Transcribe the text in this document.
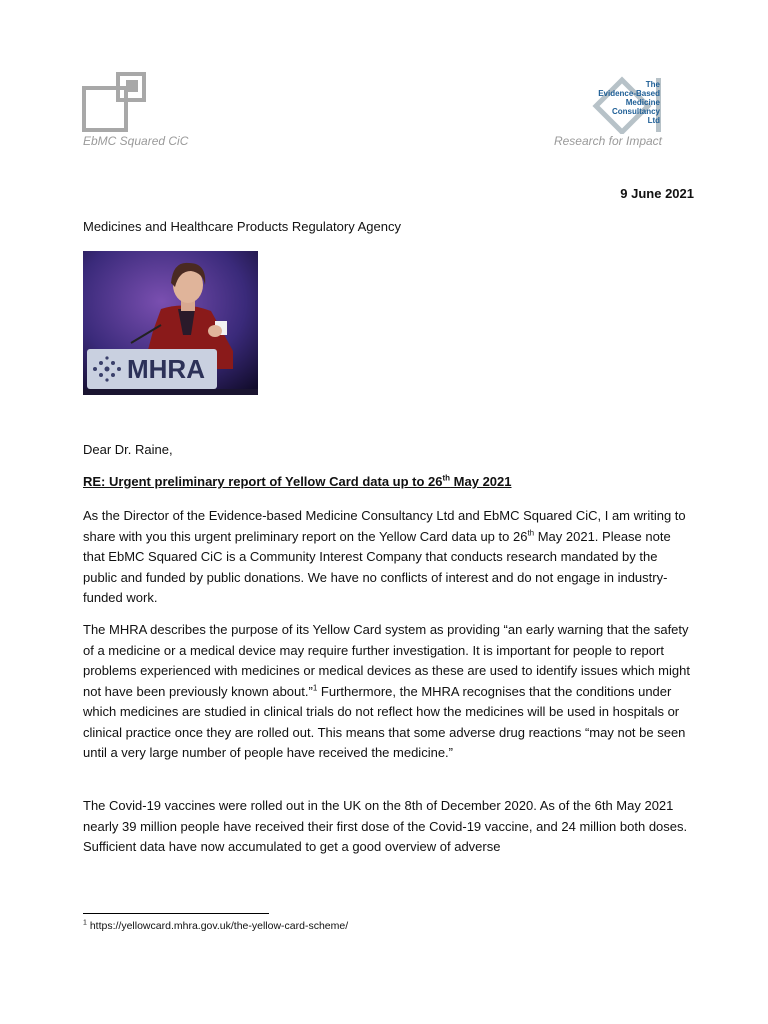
EbMC Squared CiC
The
Evidence-Based
Medicine
Consultancy
Ltd
Research for Impact
9 June 2021
Medicines and Healthcare Products Regulatory Agency
MHRA
Dear Dr. Raine,
RE: Urgent preliminary report of Yellow Card data up to 26th May 2021

As the Director of the Evidence-based Medicine Consultancy Ltd and EbMC Squared CiC, I am writing to share with you this urgent preliminary report on the Yellow Card data up to 26th May 2021. Please note that EbMC Squared CiC is a Community Interest Company that conducts research mandated by the public and funded by public donations. We have no conflicts of interest and do not engage in industry-funded work.

The MHRA describes the purpose of its Yellow Card system as providing “an early warning that the safety of a medicine or a medical device may require further investigation. It is important for people to report problems experienced with medicines or medical devices as these are used to identify issues which might not have been previously known about.”$^1$ Furthermore, the MHRA recognises that the conditions under which medicines are studied in clinical trials do not reflect how the medicines will be used in hospitals or clinical practice once they are rolled out. This means that some adverse drug reactions “may not be seen until a very large number of people have received the medicine.”

The Covid-19 vaccines were rolled out in the UK on the 8th of December 2020. As of the 6th May 2021 nearly 39 million people have received their first dose of the Covid-19 vaccine, and 24 million both doses. Sufficient data have now accumulated to get a good overview of adverse

$^1$ https://yellowcard.mhra.gov.uk/the-yellow-card-scheme/
